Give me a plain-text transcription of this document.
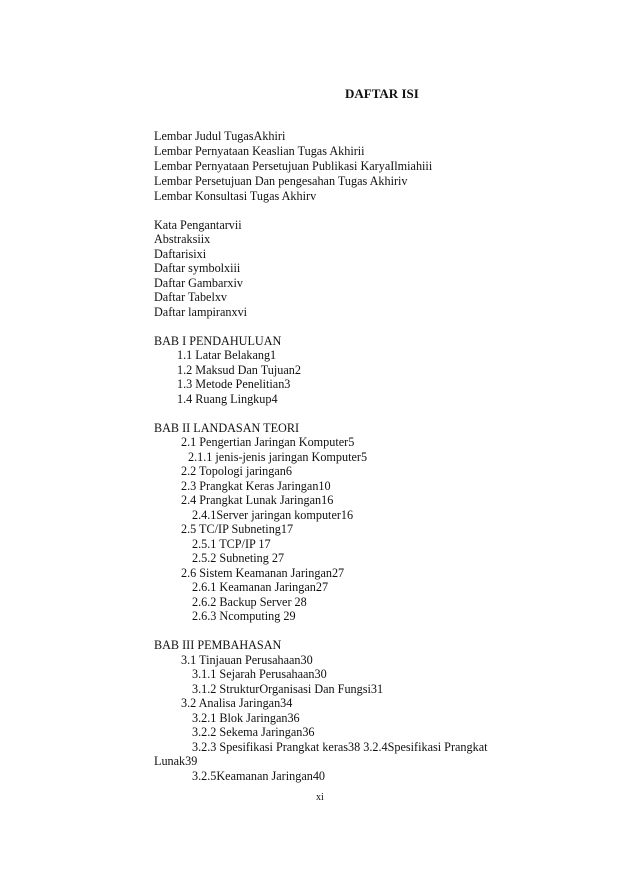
DAFTAR ISI
Lembar Judul TugasAkhiri
Lembar Pernyataan Keaslian Tugas Akhirii
Lembar Pernyataan Persetujuan Publikasi KaryaIlmiahiii
Lembar Persetujuan Dan pengesahan Tugas Akhiriv
Lembar Konsultasi Tugas Akhirv
Kata Pengantarvii
Abstraksiix
Daftarisixi
Daftar symbolxiii
Daftar Gambarxiv
Daftar Tabelxv
Daftar lampiranxvi
BAB I PENDAHULUAN
1.1 Latar Belakang1
1.2 Maksud Dan Tujuan2
1.3 Metode Penelitian3
1.4 Ruang Lingkup4
BAB II LANDASAN TEORI
2.1 Pengertian Jaringan Komputer5
2.1.1 jenis-jenis jaringan Komputer5
2.2 Topologi jaringan6
2.3 Prangkat Keras Jaringan10
2.4 Prangkat Lunak Jaringan16
2.4.1Server jaringan komputer16
2.5 TC/IP Subneting17
2.5.1 TCP/IP 17
2.5.2 Subneting 27
2.6 Sistem Keamanan Jaringan27
2.6.1 Keamanan Jaringan27
2.6.2 Backup Server 28
2.6.3 Ncomputing 29
BAB III PEMBAHASAN
3.1 Tinjauan Perusahaan30
3.1.1 Sejarah Perusahaan30
3.1.2 StrukturOrganisasi Dan Fungsi31
3.2 Analisa Jaringan34
3.2.1 Blok Jaringan36
3.2.2 Sekema Jaringan36
3.2.3 Spesifikasi Prangkat keras38 3.2.4Spesifikasi Prangkat
Lunak39
3.2.5Keamanan Jaringan40
xi
